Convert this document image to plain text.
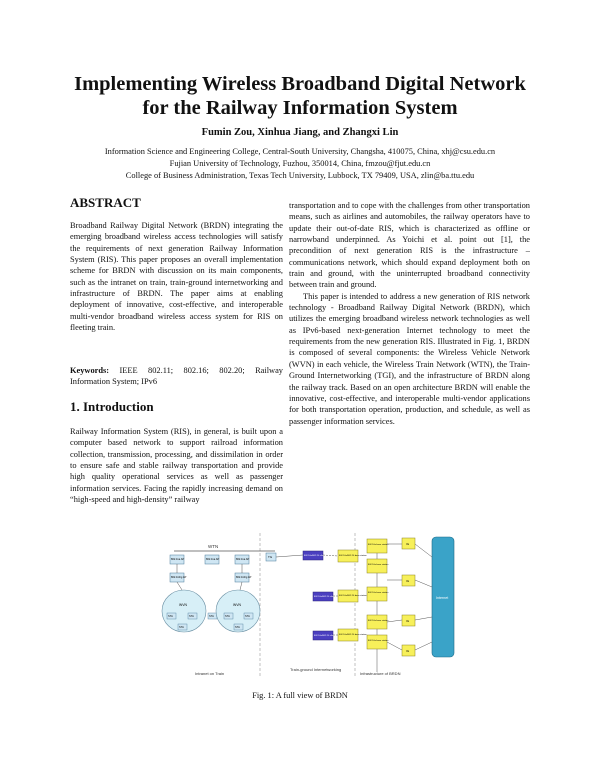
Implementing Wireless Broadband Digital Network
for the Railway Information System
Fumin Zou, Xinhua Jiang, and Zhangxi Lin
Information Science and Engineering College, Central-South University, Changsha, 410075, China, xhj@csu.edu.cn
Fujian University of Technology, Fuzhou, 350014, China, fmzou@fjut.edu.cn
College of Business Administration, Texas Tech University, Lubbock, TX 79409, USA, zlin@ba.ttu.edu
ABSTRACT

Broadband Railway Digital Network (BRDN) integrating the emerging broadband wireless access technologies will satisfy the requirements of next generation Railway Information System (RIS). This paper proposes an overall implementation scheme for BRDN with discussion on its main components, such as the intranet on train, train-ground internetworking and infrastructure of BRDN. The paper aims at enabling deployment of innovative, cost-effective, and interoperable multi-vendor broadband wireless access system for RIS on fleeting train.

Keywords: IEEE 802.11; 802.16; 802.20; Railway Information System; IPv6

1. Introduction

Railway Information System (RIS), in general, is built upon a computer based network to support railroad information collection, transmission, processing, and dissimilation in order to ensure safe and stable railway transportation and provide high quality operational services as well as passenger information services. Facing the rapidly increasing demand on “high-speed and high-density” railway

transportation and to cope with the challenges from other transportation means, such as airlines and automobiles, the railway operators have to update their out-of-date RIS, which is characterized as offline or narrowband underpinned. As Yoichi et al. point out [1], the precondition of next generation RIS is the infrastructure – communications network, which should expand deployment both on train and ground, with the uninterrupted broadband connectivity between train and ground.

This paper is intended to address a new generation of RIS network technology - Broadband Railway Digital Network (BRDN), which utilizes the emerging broadband wireless network technologies as well as IPv6-based next-generation Internet technology to meet the requirements from the new generation RIS. Illustrated in Fig. 1, BRDN is composed of several components: the Wireless Vehicle Network (WVN) in each vehicle, the Wireless Train Network (WTN), the Train-Ground Internetworking (TGI), and the infrastructure of BRDN along the railway track. Based on an open architecture BRDN will enable the innovative, cost-effective, and interoperable multi-vendor applications for both transportation operation, production, and schedule, as well as passenger information services.

WTN
802.11a AP
802.11b/g AP
WVN
STA	STA
STA
STA
802.11a AP	802.11a AP
802.11b/g AP
WVN
STA	STA
STA
TG	802.16e/802.20 client
802.16e/802.20 client
802.16e/802.20 client
802.16e/802.20 base station
802.16e/802.20 base station
802.16e/802.20 base station
802.16e base station
802.16e base station
802.16e base station
802.16e base station
802.16e base station
IG
IG
IG
IG
Internet
Intranet on Train
Train-ground Internetworking
Infrastructure of BRDN
Fig. 1: A full view of BRDN
